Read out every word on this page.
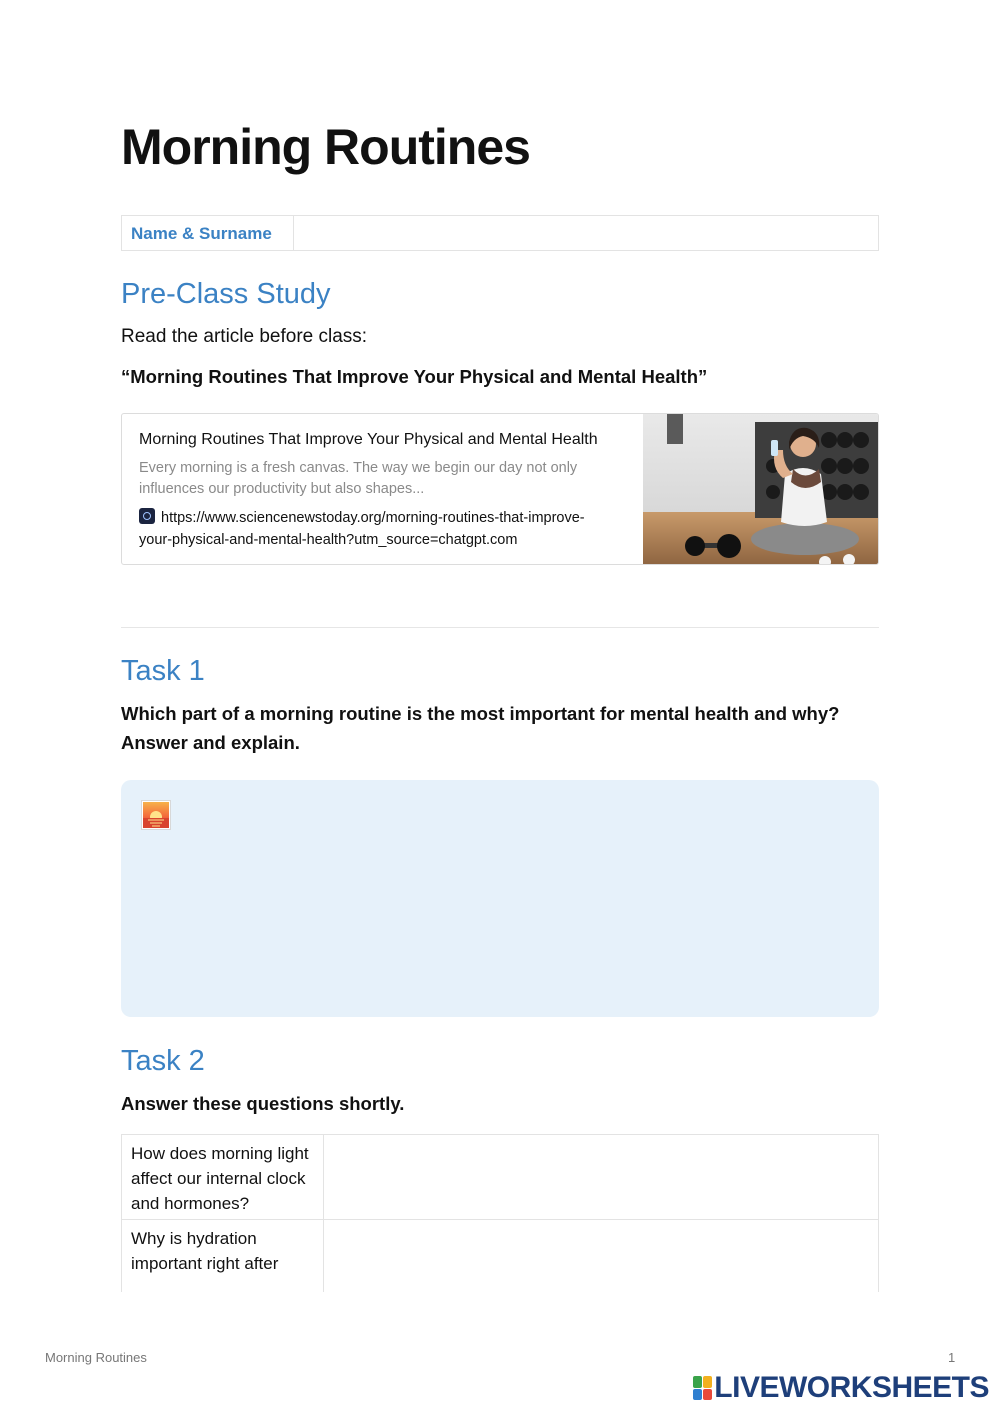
Morning Routines
Name & Surname
Pre-Class Study

Read the article before class:

“Morning Routines That Improve Your Physical and Mental Health”

Morning Routines That Improve Your Physical and Mental Health
Every morning is a fresh canvas. The way we begin our day not only influences our productivity but also shapes...
https://www.sciencenewstoday.org/morning-routines-that-improve-
your-physical-and-mental-health?utm_source=chatgpt.com
Task 1

Which part of a morning routine is the most important for mental health and why?

Answer and explain.

Task 2

Answer these questions shortly.

How does morning light affect our internal clock and hormones?
Why is hydration important right after
Morning Routines	1
LIVEWORKSHEETS
